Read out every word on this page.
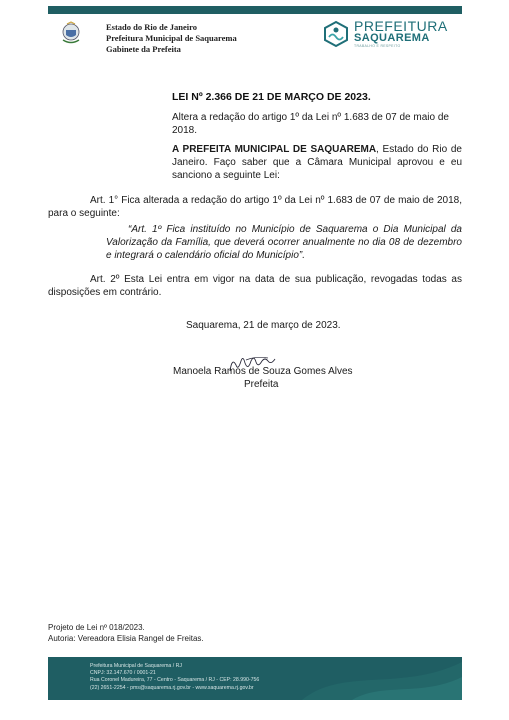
Estado do Rio de Janeiro
Prefeitura Municipal de Saquarema
Gabinete da Prefeita
PREFEITURA
SAQUAREMA
TRABALHO E RESPEITO
LEI Nº 2.366 DE 21 DE MARÇO DE 2023.
Altera a redação do artigo 1º da Lei nº 1.683 de 07 de maio de 2018.
A PREFEITA MUNICIPAL DE SAQUAREMA, Estado do Rio de Janeiro. Faço saber que a Câmara Municipal aprovou e eu sanciono a seguinte Lei:
Art. 1° Fica alterada a redação do artigo 1º da Lei nº 1.683 de 07 de maio de 2018, para o seguinte:
“Art. 1º Fica instituído no Município de Saquarema o Dia Municipal da Valorização da Família, que deverá ocorrer anualmente no dia 08 de dezembro e integrará o calendário oficial do Município”.
Art. 2º Esta Lei entra em vigor na data de sua publicação, revogadas todas as disposições em contrário.
Saquarema, 21 de março de 2023.
Manoela Ramos de Souza Gomes Alves
Prefeita
Projeto de Lei nº 018/2023.
Autoria: Vereadora Elisia Rangel de Freitas.
Prefeitura Municipal de Saquarema / RJ
CNPJ: 32.147.670 / 0001-21
Rua Coronel Madureira, 77 - Centro - Saquarema / RJ - CEP: 28.990-756
(22) 2651-2254 - pms@saquarema.rj.gov.br - www.saquarema.rj.gov.br
